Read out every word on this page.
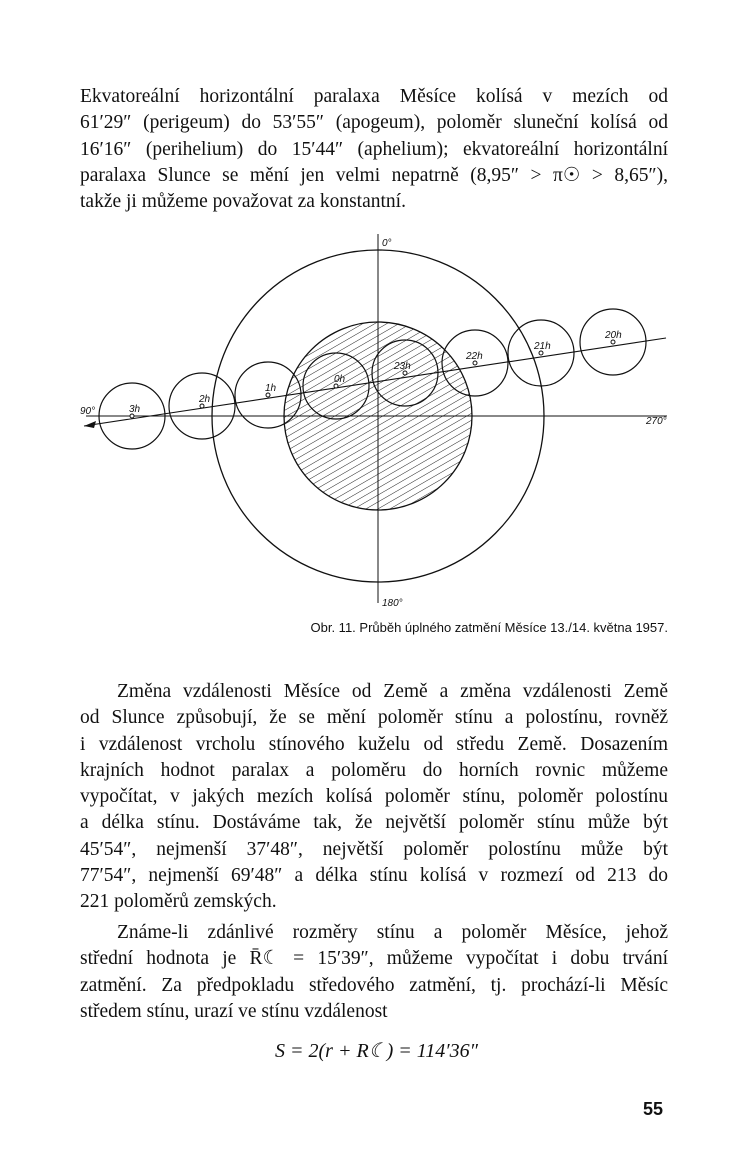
Ekvatoreální horizontální paralaxa Měsíce kolísá v mezích od
61′29″ (perigeum) do 53′55″ (apogeum), poloměr sluneční kolísá od
16′16″ (perihelium) do 15′44″ (aphelium); ekvatoreální horizontální
paralaxa Slunce se mění jen velmi nepatrně (8,95″ > π☉ > 8,65″),
takže ji můžeme považovat za konstantní.
0°
90°
180°
270°
3h
2h
1h
0h
23h
22h
21h
20h
Obr. 11. Průběh úplného zatmění Měsíce 13./14. května 1957.
Změna vzdálenosti Měsíce od Země a změna vzdálenosti Země
od Slunce způsobují, že se mění poloměr stínu a polostínu, rovněž
i vzdálenost vrcholu stínového kuželu od středu Země. Dosazením
krajních hodnot paralax a poloměru do horních rovnic můžeme
vypočítat, v jakých mezích kolísá poloměr stínu, poloměr polostínu
a délka stínu. Dostáváme tak, že největší poloměr stínu může být
45′54″, nejmenší 37′48″, největší poloměr polostínu může být
77′54″, nejmenší 69′48″ a délka stínu kolísá v rozmezí od 213 do
221 poloměrů zemských.
Známe-li zdánlivé rozměry stínu a poloměr Měsíce, jehož
střední hodnota je R̄☾ = 15′39″, můžeme vypočítat i dobu trvání
zatmění. Za předpokladu středového zatmění, tj. prochází-li Měsíc
středem stínu, urazí ve stínu vzdálenost
S = 2(r + R☾) = 114′36″
55
